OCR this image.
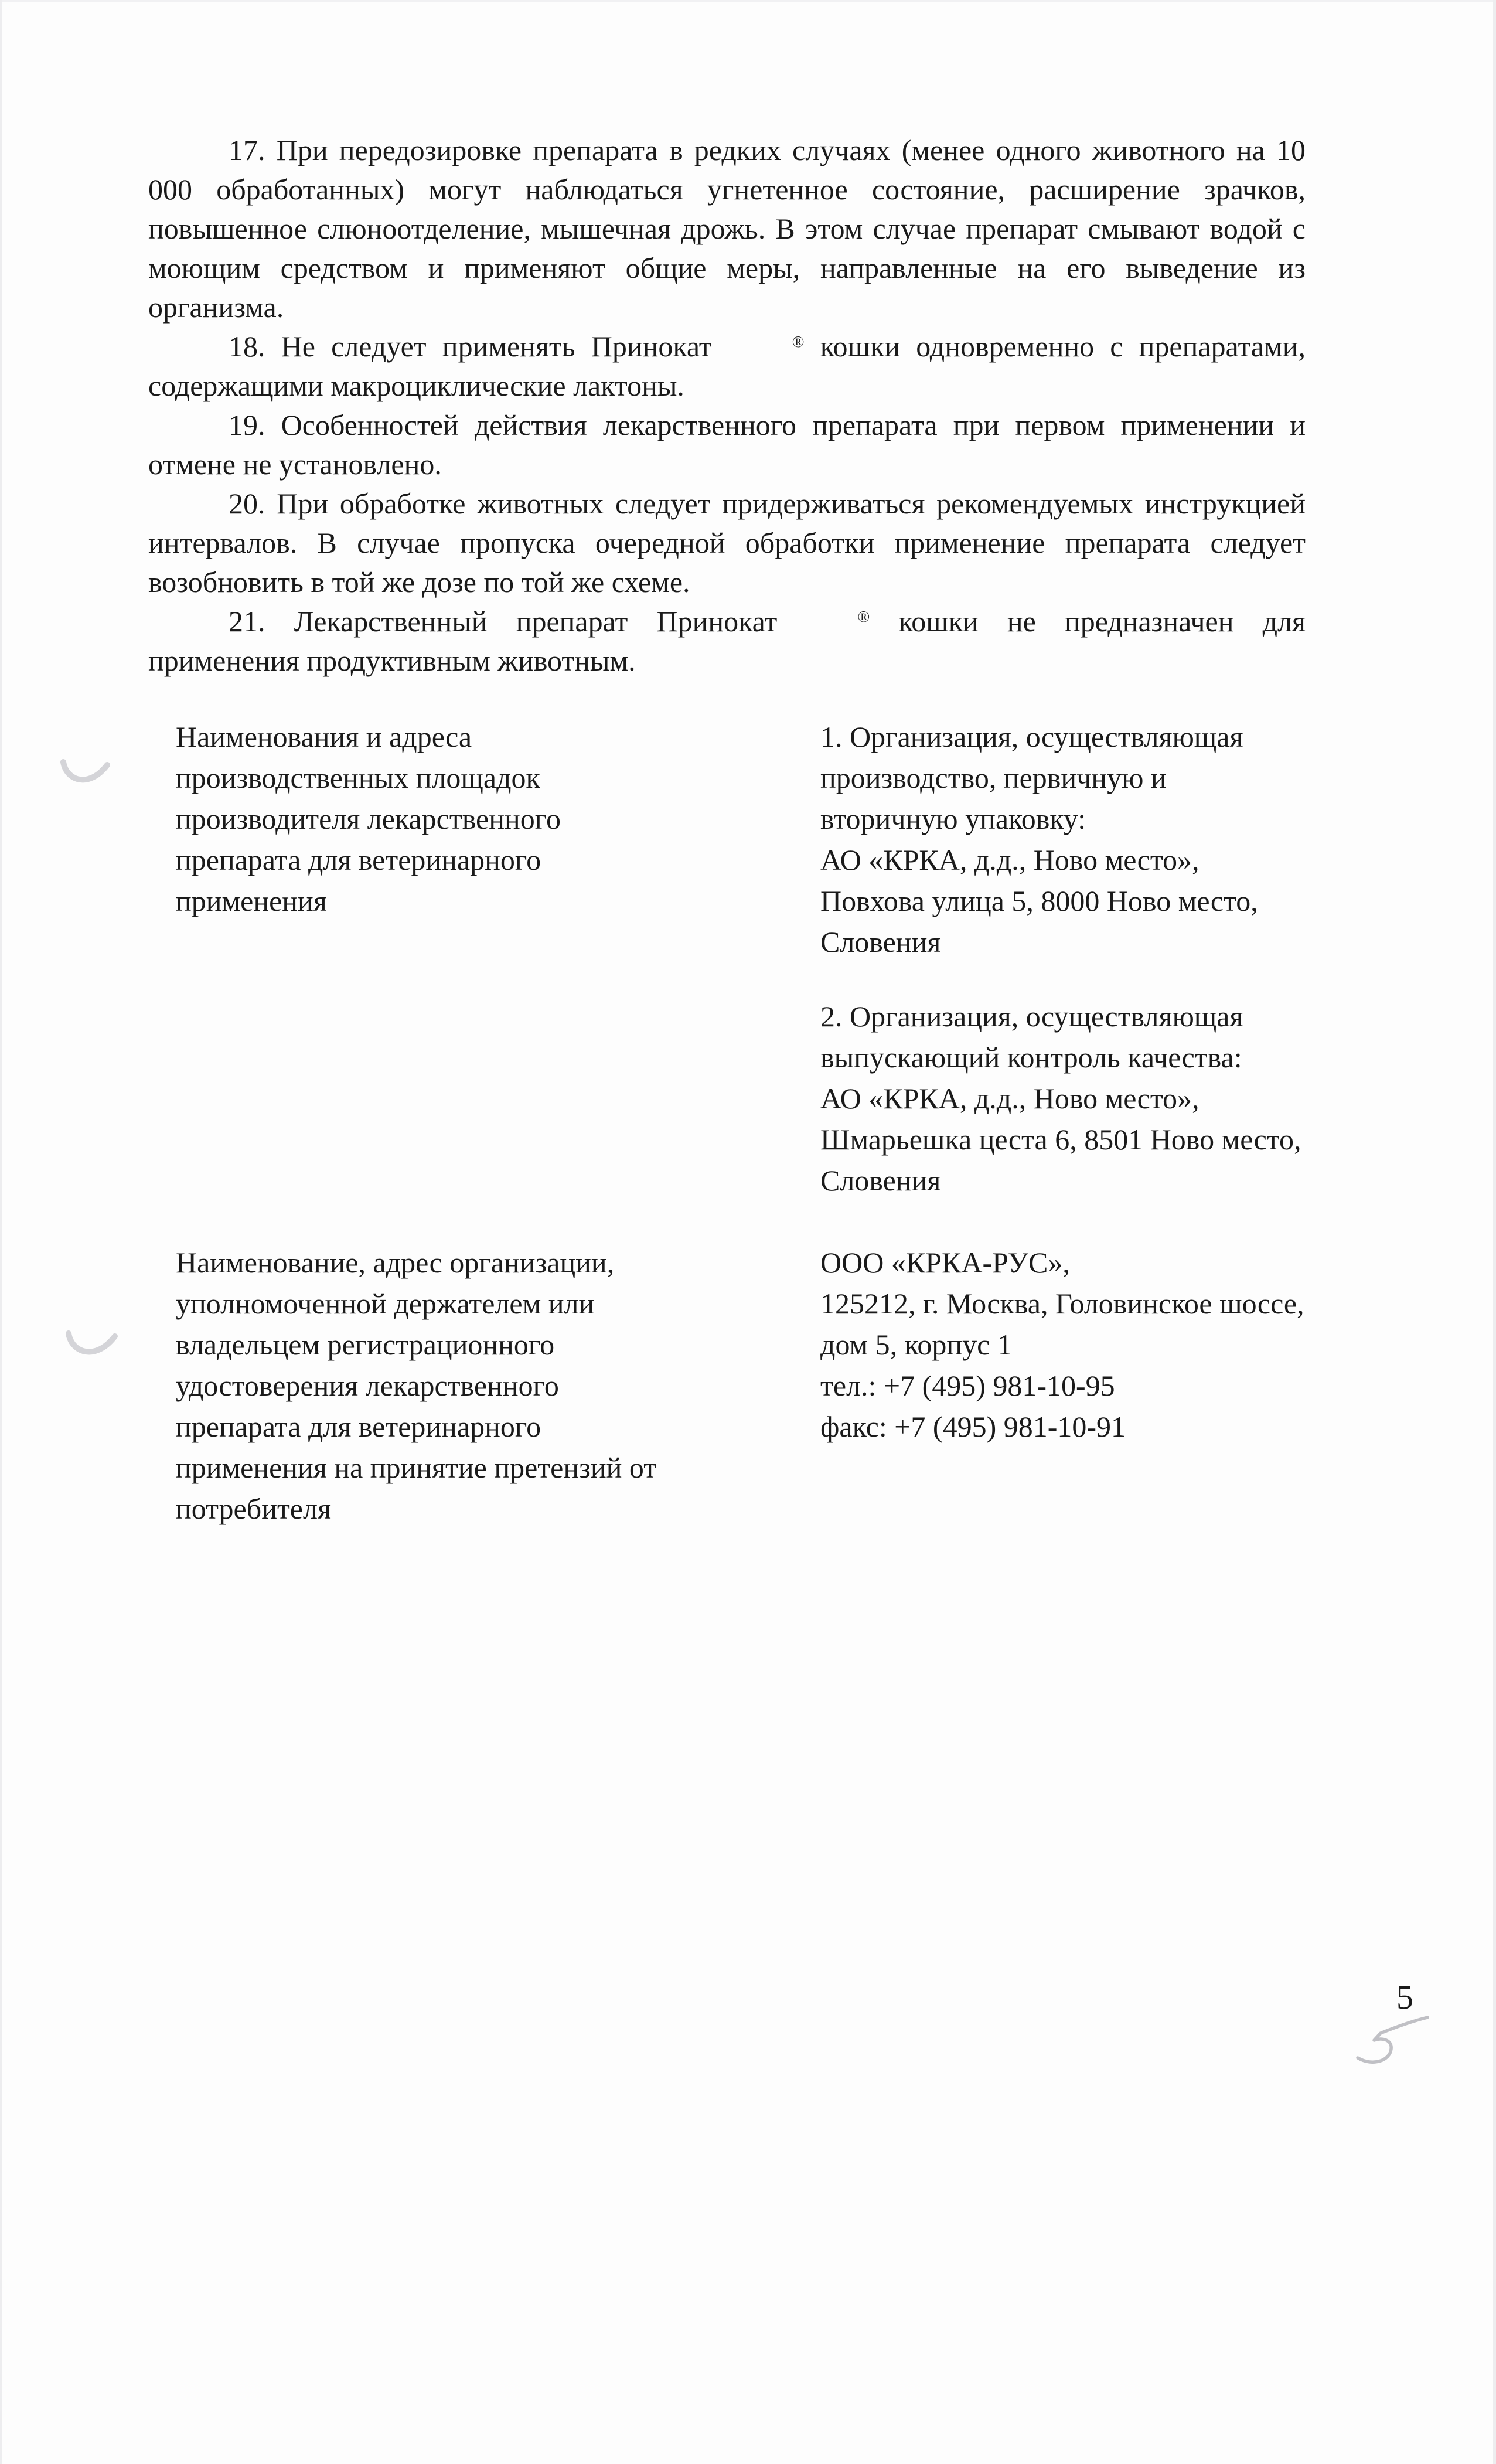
17. При передозировке препарата в редких случаях (менее одного животного на 10 000 обработанных) могут наблюдаться угнетенное состояние, расширение зрачков, повышенное слюноотделение, мышечная дрожь. В этом случае препарат смывают водой с моющим средством и применяют общие меры, направленные на его выведение из организма.

18. Не следует применять Принокат	® кошки одновременно с препаратами, содержащими макроциклические лактоны.

19. Особенностей действия лекарственного препарата при первом применении и отмене не установлено.

20. При обработке животных следует придерживаться рекомендуемых инструкцией интервалов. В случае пропуска очередной обработки применение препарата следует возобновить в той же дозе по той же схеме.

21. Лекарственный препарат Принокат	® кошки не предназначен для применения продуктивным животным.

Наименования и адреса
производственных площадок
производителя лекарственного
препарата для ветеринарного
применения
1. Организация, осуществляющая
производство, первичную и
вторичную упаковку:
АО «КРКА, д.д., Ново место»,
Повхова улица 5, 8000 Ново место,
Словения
2. Организация, осуществляющая
выпускающий контроль качества:
АО «КРКА, д.д., Ново место»,
Шмарьешка цеста 6, 8501 Ново место,
Словения
Наименование, адрес организации,
уполномоченной держателем или
владельцем регистрационного
удостоверения лекарственного
препарата для ветеринарного
применения на принятие претензий от
потребителя
ООО «КРКА-РУС»,
125212, г. Москва, Головинское шоссе,
дом 5, корпус 1
тел.: +7 (495) 981-10-95
факс: +7 (495) 981-10-91
5
